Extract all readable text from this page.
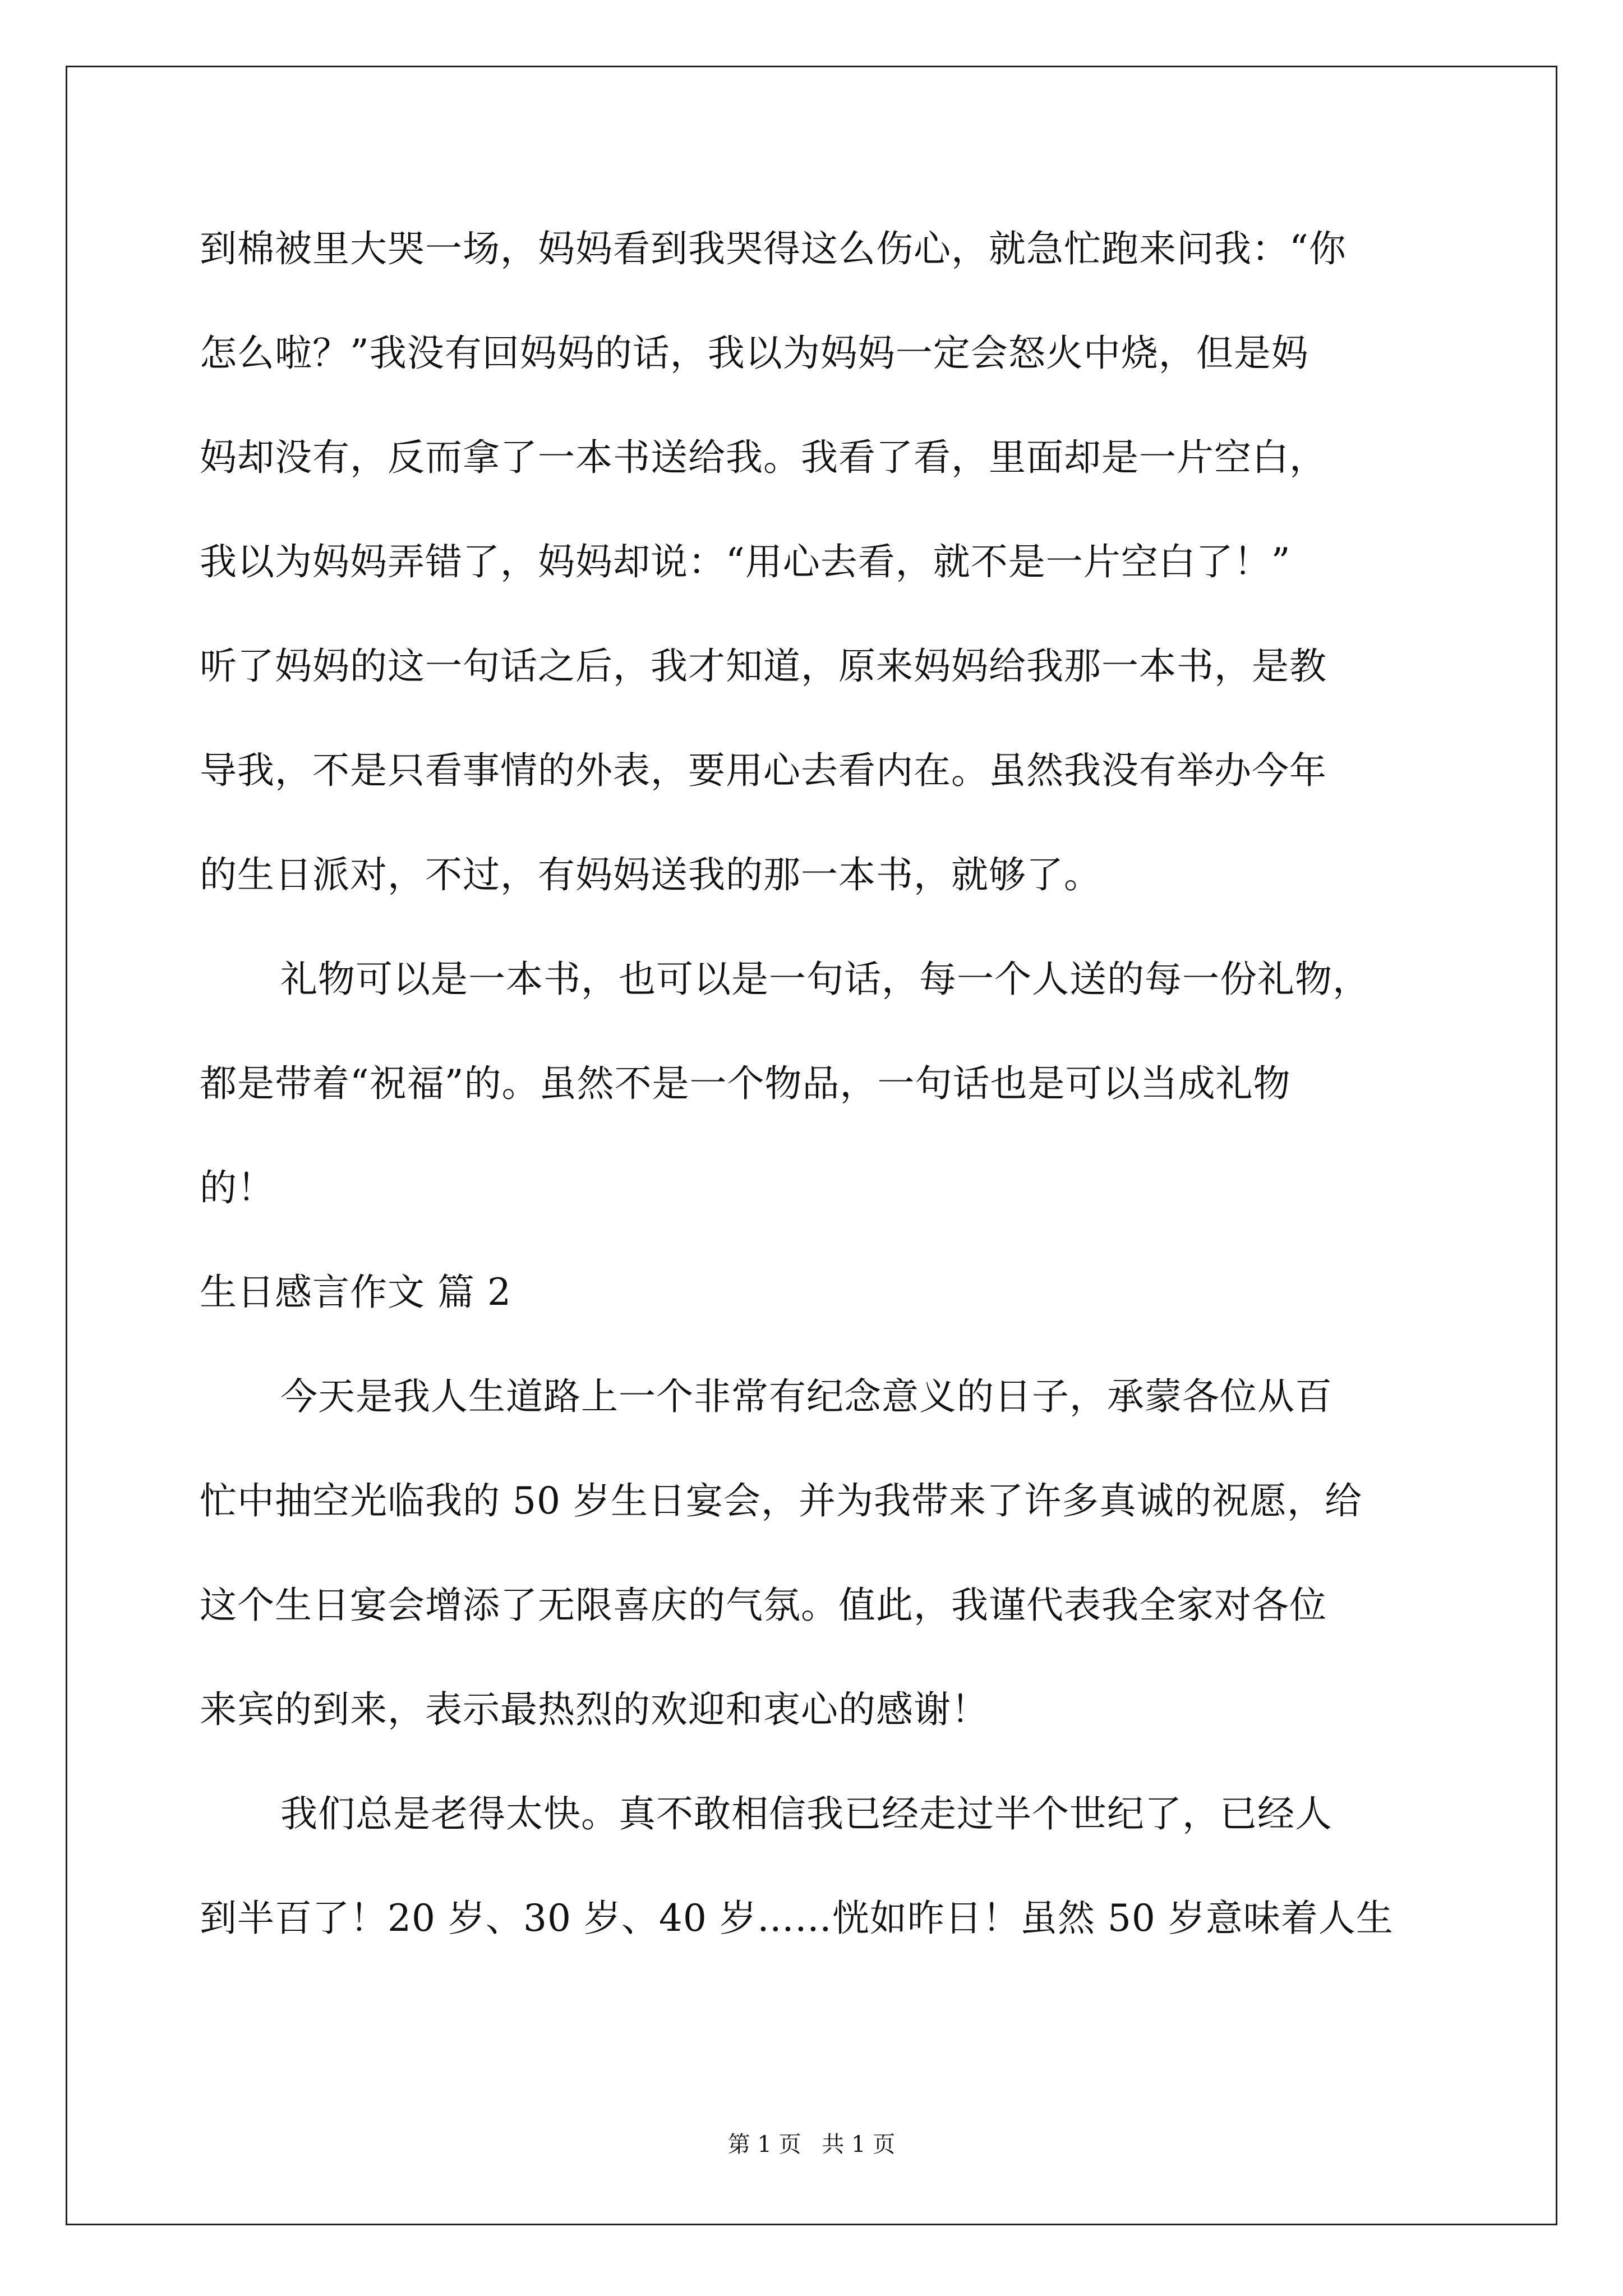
到棉被里大哭一场，妈妈看到我哭得这么伤心，就急忙跑来问我：“你
怎么啦？”我没有回妈妈的话，我以为妈妈一定会怒火中烧，但是妈
妈却没有，反而拿了一本书送给我。我看了看，里面却是一片空白，
我以为妈妈弄错了，妈妈却说：“用心去看，就不是一片空白了！”
听了妈妈的这一句话之后，我才知道，原来妈妈给我那一本书，是教
导我，不是只看事情的外表，要用心去看内在。虽然我没有举办今年
的生日派对，不过，有妈妈送我的那一本书，就够了。
礼物可以是一本书，也可以是一句话，每一个人送的每一份礼物，
都是带着“祝福”的。虽然不是一个物品，一句话也是可以当成礼物
的！
生日感言作文 篇 2
今天是我人生道路上一个非常有纪念意义的日子，承蒙各位从百
忙中抽空光临我的 50 岁生日宴会，并为我带来了许多真诚的祝愿，给
这个生日宴会增添了无限喜庆的气氛。值此，我谨代表我全家对各位
来宾的到来，表示最热烈的欢迎和衷心的感谢！
我们总是老得太快。真不敢相信我已经走过半个世纪了，已经人
到半百了！20 岁、30 岁、40 岁……恍如昨日！虽然 50 岁意味着人生
第 1 页 共 1 页
